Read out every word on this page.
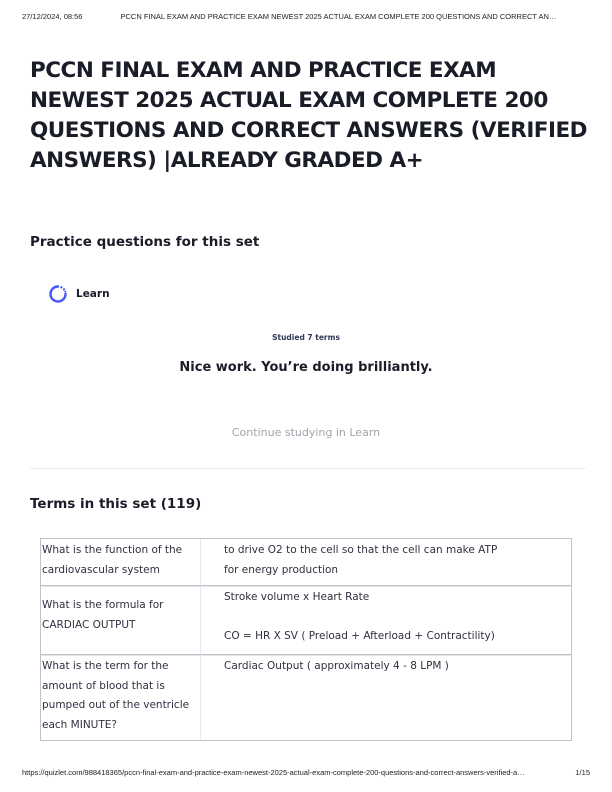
27/12/2024, 08:56	PCCN FINAL EXAM AND PRACTICE EXAM NEWEST 2025 ACTUAL EXAM COMPLETE 200 QUESTIONS AND CORRECT AN…
PCCN FINAL EXAM AND PRACTICE EXAM NEWEST 2025 ACTUAL EXAM COMPLETE 200 QUESTIONS AND CORRECT ANSWERS (VERIFIED ANSWERS) |ALREADY GRADED A+
Practice questions for this set
Learn
Studied 7 terms
Nice work. You’re doing brilliantly.
Continue studying in Learn
Terms in this set (119)
What is the function of the cardiovascular system
to drive O2 to the cell so that the cell can make ATP
for energy production
What is the formula for CARDIAC OUTPUT
Stroke volume x Heart Rate
CO = HR X SV ( Preload + Afterload + Contractility)
What is the term for the amount of blood that is pumped out of the ventricle each MINUTE?
Cardiac Output ( approximately 4 - 8 LPM )
https://quizlet.com/988418365/pccn-final-exam-and-practice-exam-newest-2025-actual-exam-complete-200-questions-and-correct-answers-verified-a…	1/15
